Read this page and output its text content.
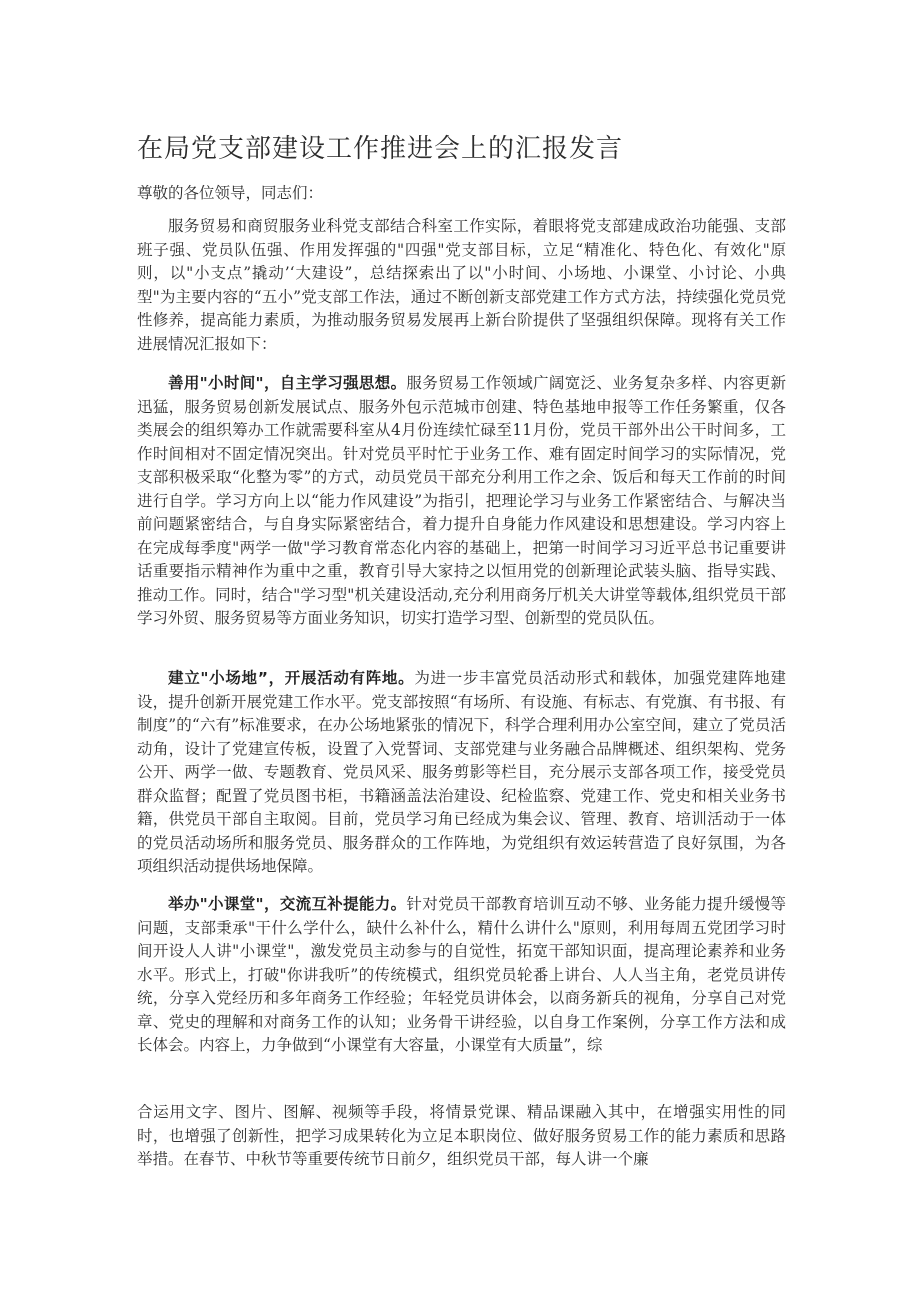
在局党支部建设工作推进会上的汇报发言

尊敬的各位领导，同志们：

服务贸易和商贸服务业科党支部结合科室工作实际，着眼将党支部建成政治功能强、支部班子强、党员队伍强、作用发挥强的"四强"党支部目标，立足“精准化、特色化、有效化"原则，以"小支点”撬动’‘大建设”，总结探索出了以"小时间、小场地、小课堂、小讨论、小典型"为主要内容的“五小”党支部工作法，通过不断创新支部党建工作方式方法，持续强化党员党性修养，提高能力素质，为推动服务贸易发展再上新台阶提供了坚强组织保障。现将有关工作进展情况汇报如下：

善用"小时间"，自主学习强思想。服务贸易工作领域广阔宽泛、业务复杂多样、内容更新迅猛，服务贸易创新发展试点、服务外包示范城市创建、特色基地申报等工作任务繁重，仅各类展会的组织筹办工作就需要科室从4月份连续忙碌至11月份，党员干部外出公干时间多，工作时间相对不固定情况突出。针对党员平时忙于业务工作、难有固定时间学习的实际情况，党支部积极采取“化整为零”的方式，动员党员干部充分利用工作之余、饭后和每天工作前的时间进行自学。学习方向上以“能力作风建设”为指引，把理论学习与业务工作紧密结合、与解决当前问题紧密结合，与自身实际紧密结合，着力提升自身能力作风建设和思想建设。学习内容上在完成每季度"两学一做"学习教育常态化内容的基础上，把第一时间学习习近平总书记重要讲话重要指示精神作为重中之重，教育引导大家持之以恒用党的创新理论武装头脑、指导实践、推动工作。同时，结合"学习型"机关建设活动,充分利用商务厅机关大讲堂等载体,组织党员干部学习外贸、服务贸易等方面业务知识，切实打造学习型、创新型的党员队伍。

建立"小场地”，开展活动有阵地。为进一步丰富党员活动形式和载体，加强党建阵地建设，提升创新开展党建工作水平。党支部按照“有场所、有设施、有标志、有党旗、有书报、有制度”的“六有”标准要求，在办公场地紧张的情况下，科学合理利用办公室空间，建立了党员活动角，设计了党建宣传板，设置了入党誓词、支部党建与业务融合品牌概述、组织架构、党务公开、两学一做、专题教育、党员风采、服务剪影等栏目，充分展示支部各项工作，接受党员群众监督；配置了党员图书柜，书籍涵盖法治建设、纪检监察、党建工作、党史和相关业务书籍，供党员干部自主取阅。目前，党员学习角已经成为集会议、管理、教育、培训活动于一体的党员活动场所和服务党员、服务群众的工作阵地，为党组织有效运转营造了良好氛围，为各项组织活动提供场地保障。

举办"小课堂"，交流互补提能力。针对党员干部教育培训互动不够、业务能力提升缓慢等问题，支部秉承"干什么学什么，缺什么补什么，精什么讲什么"原则，利用每周五党团学习时间开设人人讲"小课堂"，激发党员主动参与的自觉性，拓宽干部知识面，提高理论素养和业务水平。形式上，打破"你讲我听”的传统模式，组织党员轮番上讲台、人人当主角，老党员讲传统，分享入党经历和多年商务工作经验；年轻党员讲体会，以商务新兵的视角，分享自己对党章、党史的理解和对商务工作的认知；业务骨干讲经验，以自身工作案例，分享工作方法和成长体会。内容上，力争做到“小课堂有大容量，小课堂有大质量”，综

合运用文字、图片、图解、视频等手段，将情景党课、精品课融入其中，在增强实用性的同时，也增强了创新性，把学习成果转化为立足本职岗位、做好服务贸易工作的能力素质和思路举措。在春节、中秋节等重要传统节日前夕，组织党员干部，每人讲一个廉
